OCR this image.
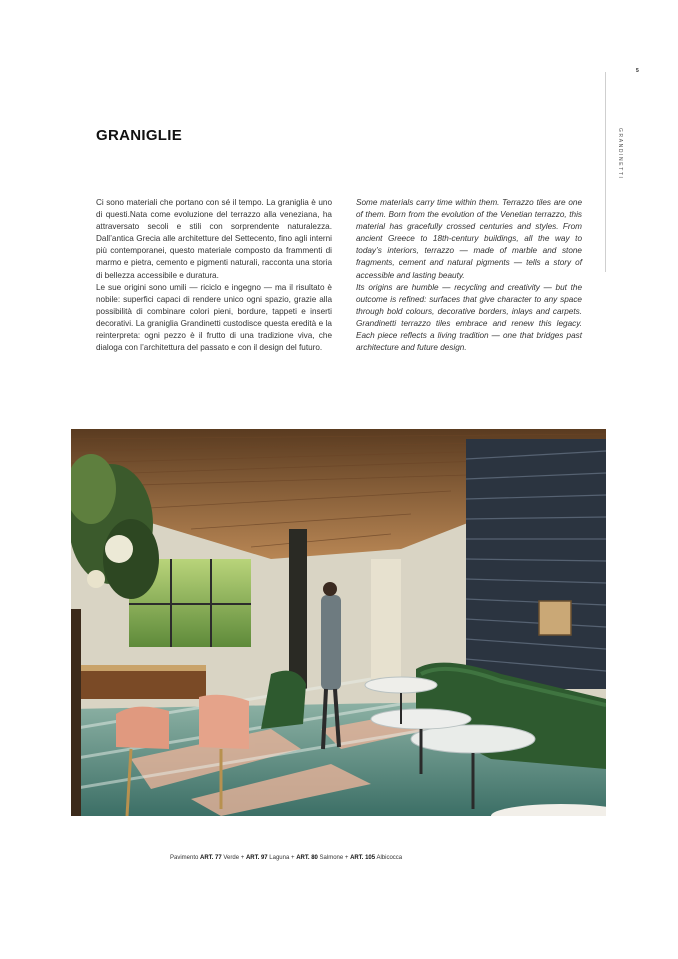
5
GRANDINETTI
GRANIGLIE

Ci sono materiali che portano con sé il tempo. La graniglia è uno di questi.Nata come evoluzione del terrazzo alla veneziana, ha attraversato secoli e stili con sorprendente naturalezza. Dall’antica Grecia alle architetture del Settecento, fino agli interni più contemporanei, questo materiale composto da frammenti di marmo e pietra, cemento e pigmenti naturali, racconta una storia di bellezza accessibile e duratura.

Le sue origini sono umili — riciclo e ingegno — ma il risultato è nobile: superfici capaci di rendere unico ogni spazio, grazie alla possibilità di combinare colori pieni, bordure, tappeti e inserti decorativi. La graniglia Grandinetti custodisce questa eredità e la reinterpreta: ogni pezzo è il frutto di una tradizione viva, che dialoga con l’architettura del passato e con il design del futuro.

Some materials carry time within them. Terrazzo tiles are one of them. Born from the evolution of the Venetian terrazzo, this material has gracefully crossed centuries and styles. From ancient Greece to 18th-century buildings, all the way to today’s interiors, terrazzo — made of marble and stone fragments, cement and natural pigments — tells a story of accessible and lasting beauty.

Its origins are humble — recycling and creativity — but the outcome is refined: surfaces that give character to any space through bold colours, decorative borders, inlays and carpets. Grandinetti terrazzo tiles embrace and renew this legacy. Each piece reflects a living tradition — one that bridges past architecture and future design.

Pavimento ART. 77 Verde + ART. 97 Laguna + ART. 80 Salmone + ART. 105 Albicocca
